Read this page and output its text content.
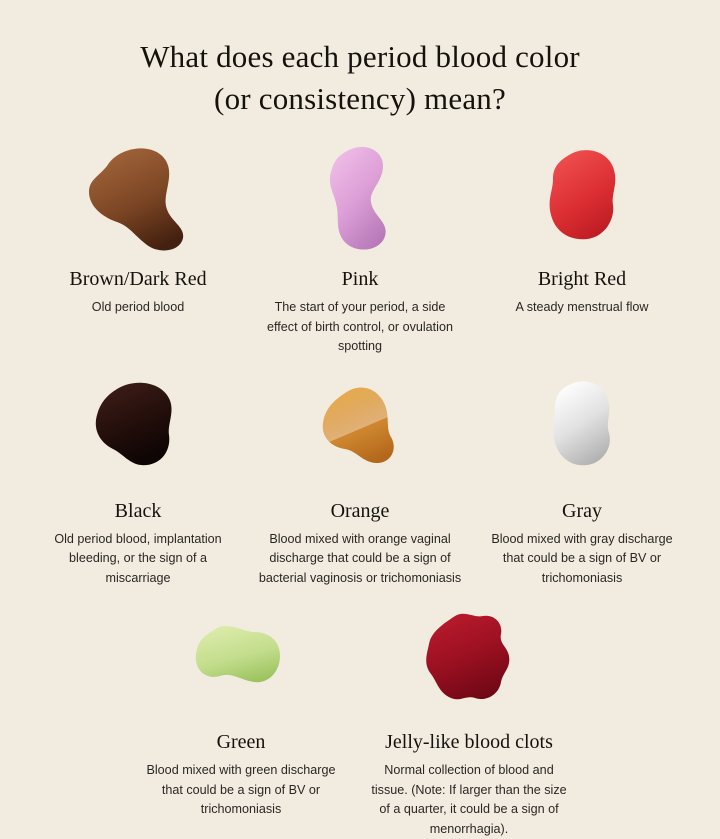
What does each period blood color
(or consistency) mean?
Brown/Dark Red
Old period blood
Pink
The start of your period, a side effect of birth control, or ovulation spotting
Bright Red
A steady menstrual flow
Black
Old period blood, implantation bleeding, or the sign of a miscarriage
Orange
Blood mixed with orange vaginal discharge that could be a sign of bacterial vaginosis or trichomoniasis
Gray
Blood mixed with gray discharge that could be a sign of BV or trichomoniasis
Green
Blood mixed with green discharge that could be a sign of BV or trichomoniasis
Jelly-like blood clots
Normal collection of blood and tissue. (Note: If larger than the size of a quarter, it could be a sign of menorrhagia).
